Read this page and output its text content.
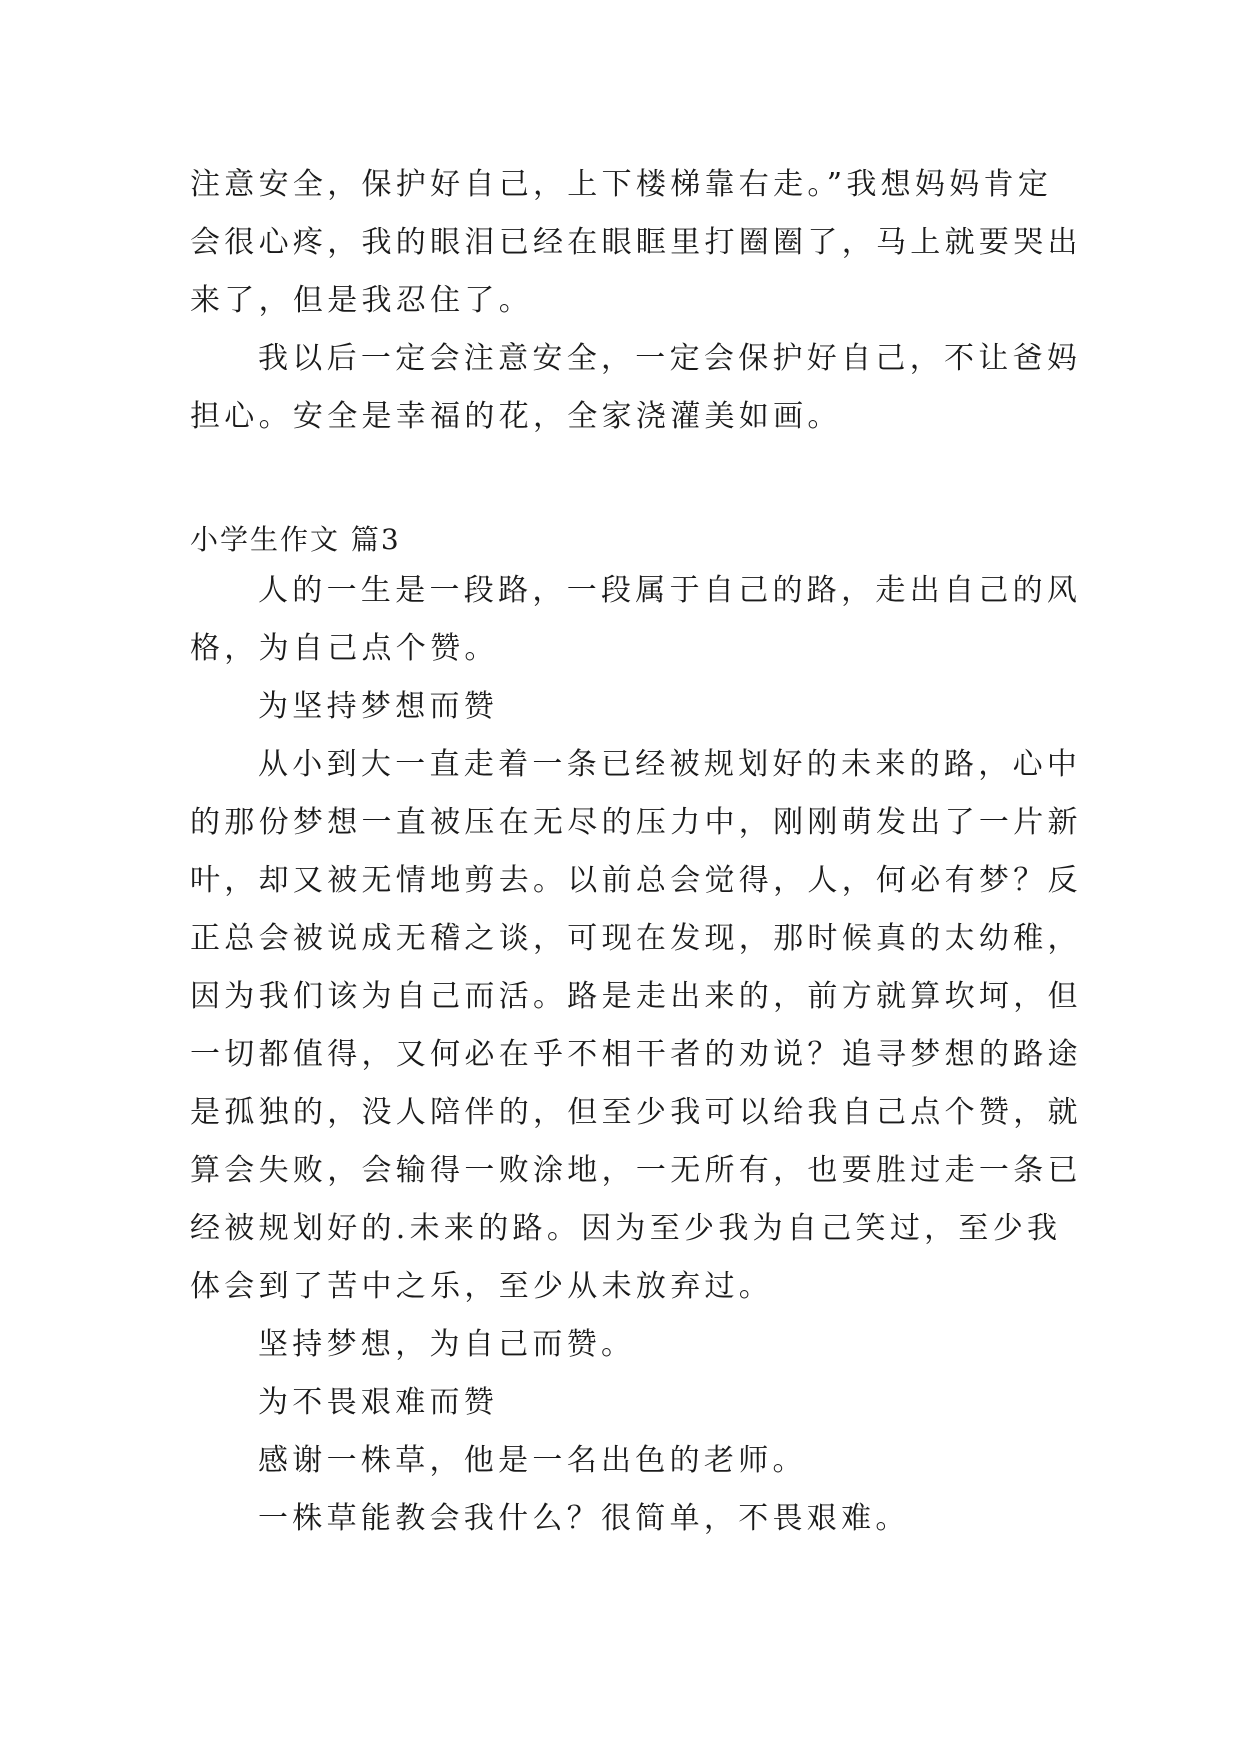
注意安全，保护好自己，上下楼梯靠右走。”我想妈妈肯定
会很心疼，我的眼泪已经在眼眶里打圈圈了，马上就要哭出
来了，但是我忍住了。
我以后一定会注意安全，一定会保护好自己，不让爸妈
担心。安全是幸福的花，全家浇灌美如画。
小学生作文 篇3
人的一生是一段路，一段属于自己的路，走出自己的风
格，为自己点个赞。
为坚持梦想而赞
从小到大一直走着一条已经被规划好的未来的路，心中
的那份梦想一直被压在无尽的压力中，刚刚萌发出了一片新
叶，却又被无情地剪去。以前总会觉得，人，何必有梦？反
正总会被说成无稽之谈，可现在发现，那时候真的太幼稚，
因为我们该为自己而活。路是走出来的，前方就算坎坷，但
一切都值得，又何必在乎不相干者的劝说？追寻梦想的路途
是孤独的，没人陪伴的，但至少我可以给我自己点个赞，就
算会失败，会输得一败涂地，一无所有，也要胜过走一条已
经被规划好的.未来的路。因为至少我为自己笑过，至少我
体会到了苦中之乐，至少从未放弃过。
坚持梦想，为自己而赞。
为不畏艰难而赞
感谢一株草，他是一名出色的老师。
一株草能教会我什么？很简单，不畏艰难。
